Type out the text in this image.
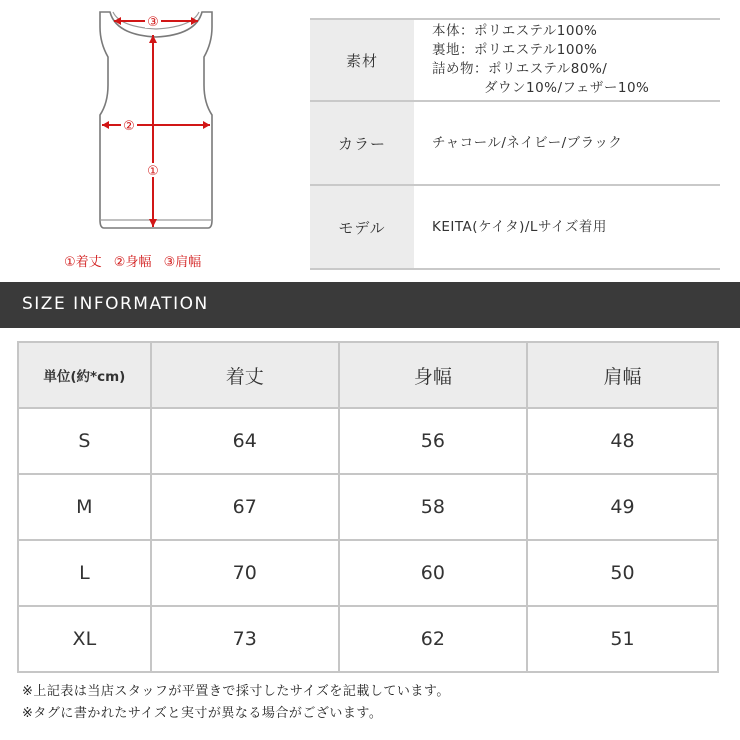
③
②
①
①着丈 ②身幅 ③肩幅
素材
本体：ポリエステル100%
裏地：ポリエステル100%
詰め物：ポリエステル80%/
ダウン10%/フェザー10%
カラー	チャコール/ネイビー/ブラック
モデル	KEITA(ケイタ)/Lサイズ着用
SIZE INFORMATION
単位(約*cm)	着丈	身幅	肩幅
S	64	56	48
M	67	58	49
L	70	60	50
XL	73	62	51
※上記表は当店スタッフが平置きで採寸したサイズを記載しています。
※タグに書かれたサイズと実寸が異なる場合がございます。
